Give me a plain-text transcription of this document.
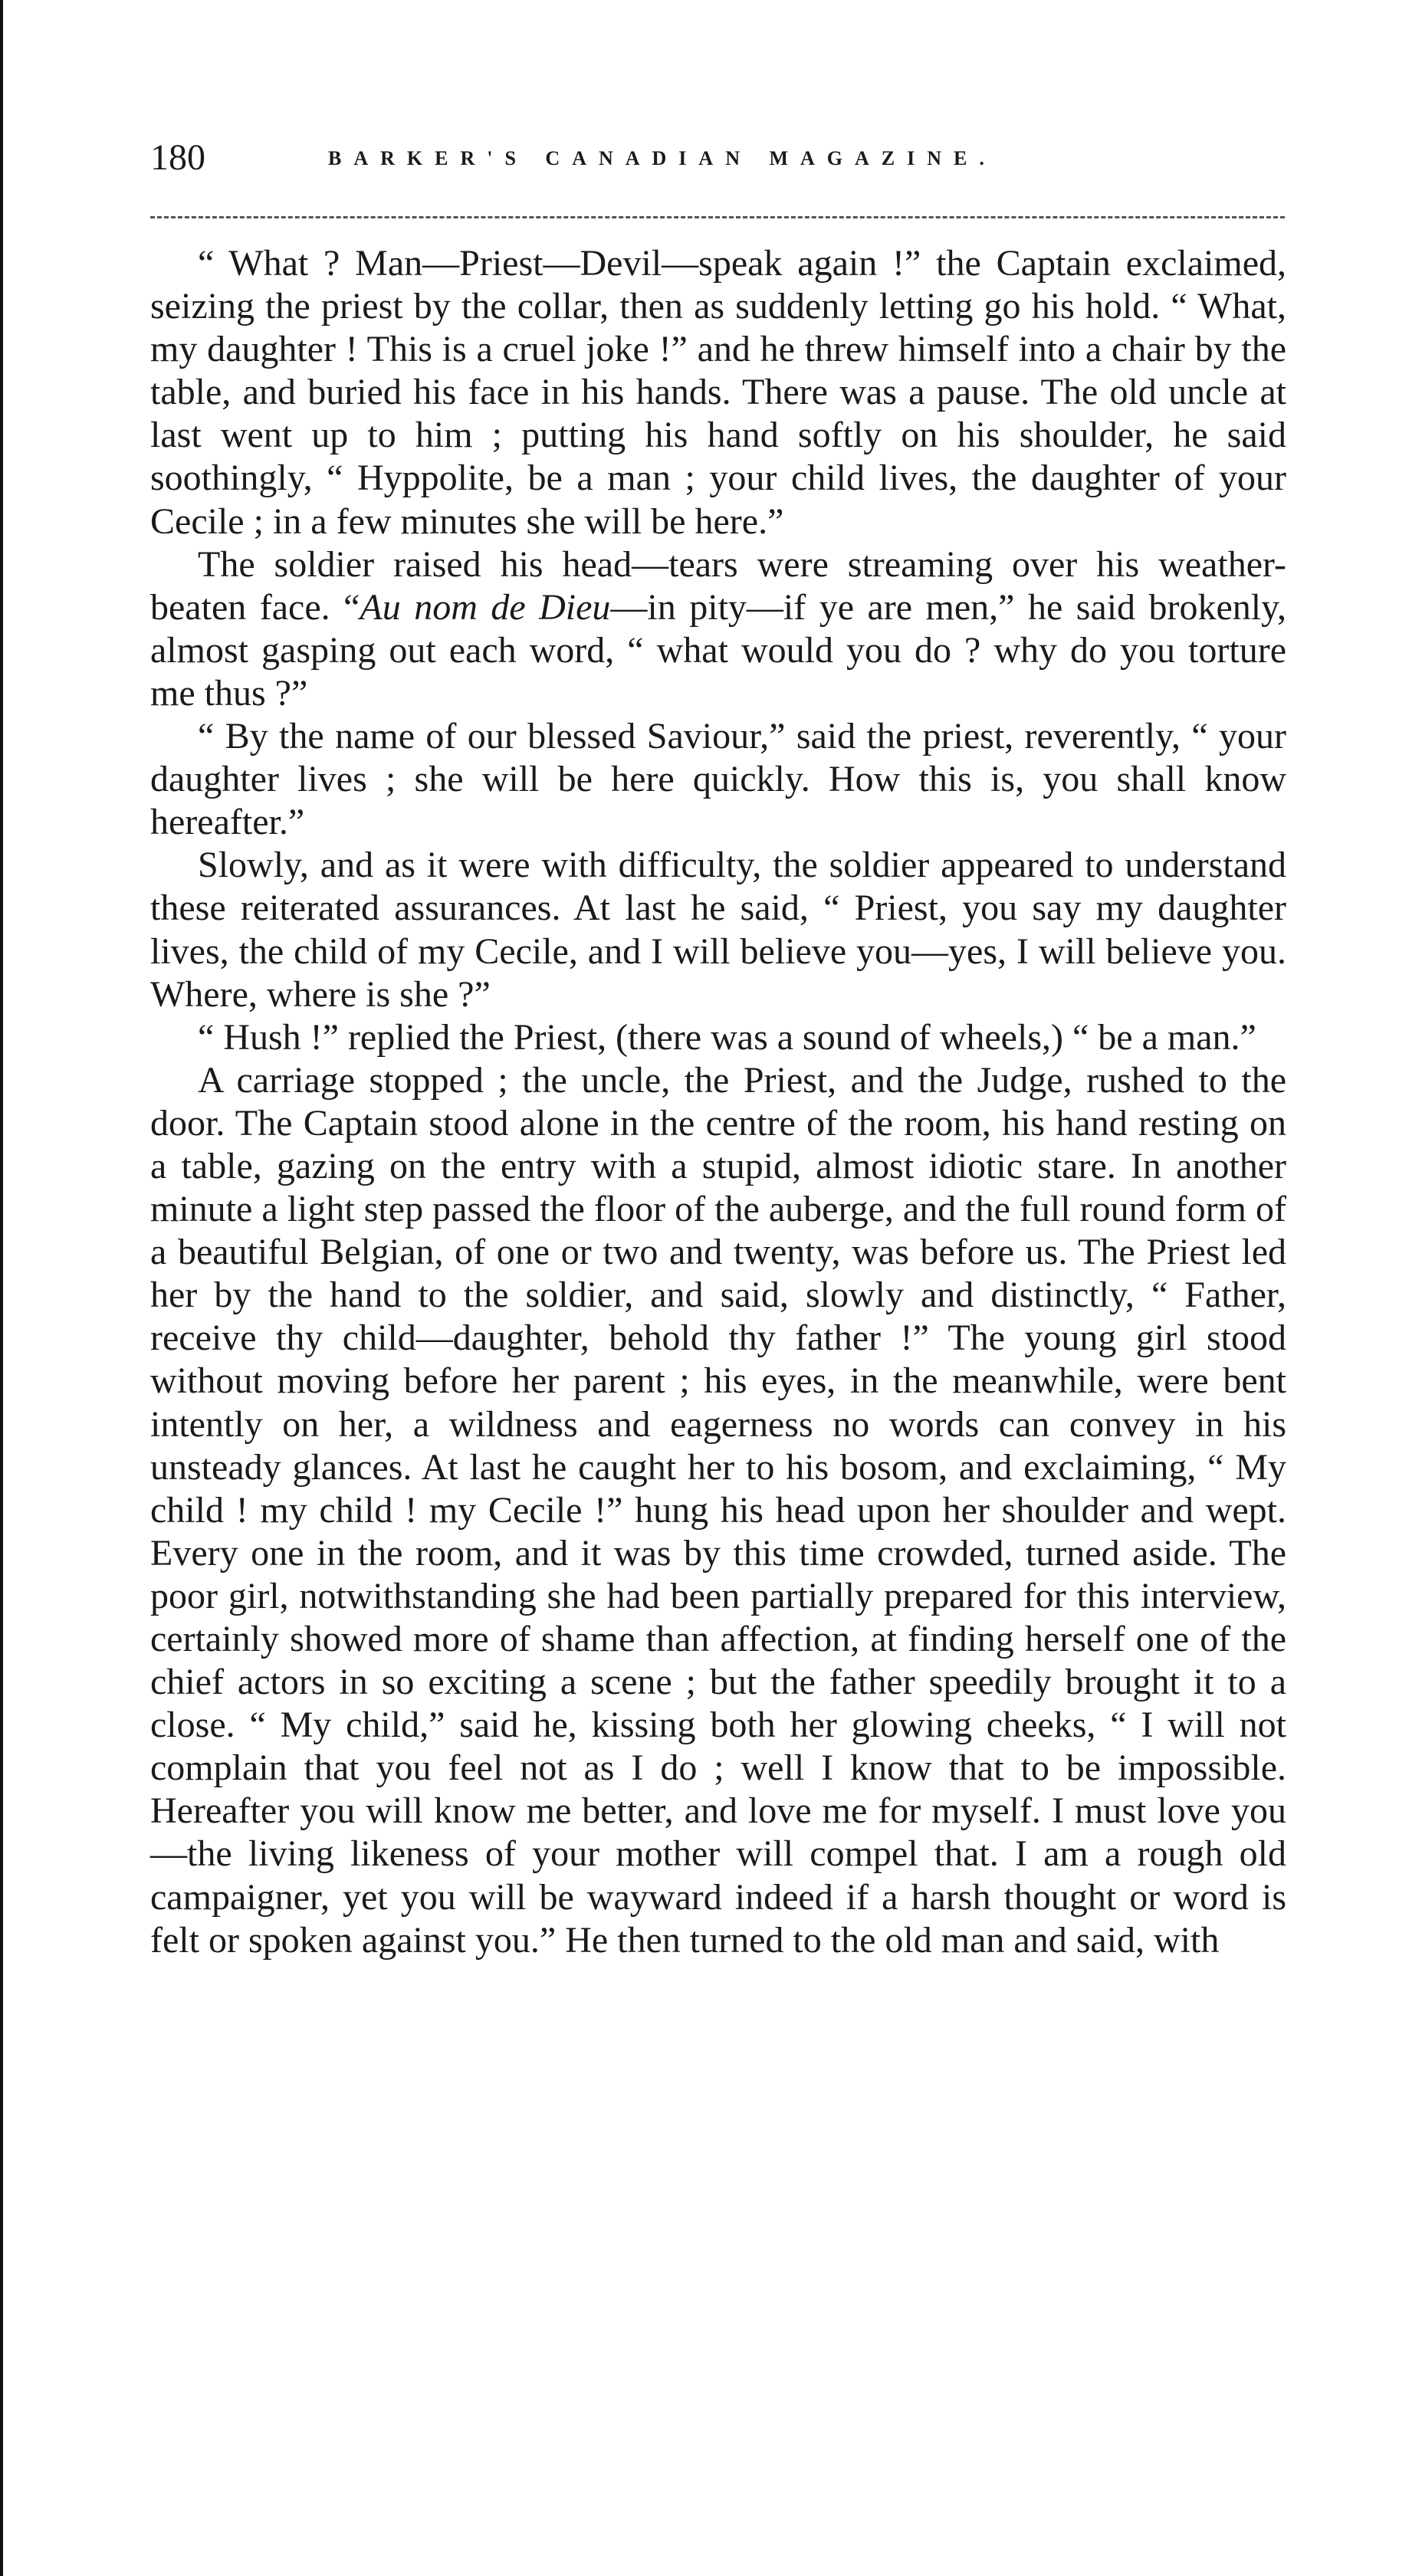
180	BARKER'S CANADIAN MAGAZINE.

“ What ? Man—Priest—Devil—speak again !” the Captain exclaimed, seizing the priest by the collar, then as suddenly letting go his hold. “ What, my daughter ! This is a cruel joke !” and he threw himself into a chair by the table, and buried his face in his hands. There was a pause. The old uncle at last went up to him ; putting his hand softly on his shoulder, he said soothingly, “ Hyppolite, be a man ; your child lives, the daughter of your Cecile ; in a few minutes she will be here.”

The soldier raised his head—tears were streaming over his weather-beaten face. “Au nom de Dieu—in pity—if ye are men,” he said brokenly, almost gasping out each word, “ what would you do ? why do you torture me thus ?”

“ By the name of our blessed Saviour,” said the priest, reverently, “ your daughter lives ; she will be here quickly. How this is, you shall know hereafter.”

Slowly, and as it were with difficulty, the soldier appeared to understand these reiterated assurances. At last he said, “ Priest, you say my daughter lives, the child of my Cecile, and I will believe you—yes, I will believe you. Where, where is she ?”

“ Hush !” replied the Priest, (there was a sound of wheels,) “ be a man.”

A carriage stopped ; the uncle, the Priest, and the Judge, rushed to the door. The Captain stood alone in the centre of the room, his hand resting on a table, gazing on the entry with a stupid, almost idiotic stare. In another minute a light step passed the floor of the auberge, and the full round form of a beautiful Belgian, of one or two and twenty, was before us. The Priest led her by the hand to the soldier, and said, slowly and distinctly, “ Father, receive thy child—daughter, behold thy father !” The young girl stood without moving before her parent ; his eyes, in the meanwhile, were bent intently on her, a wildness and eagerness no words can convey in his unsteady glances. At last he caught her to his bosom, and exclaiming, “ My child ! my child ! my Cecile !” hung his head upon her shoulder and wept. Every one in the room, and it was by this time crowded, turned aside. The poor girl, notwithstanding she had been partially prepared for this interview, certainly showed more of shame than affection, at finding herself one of the chief actors in so exciting a scene ; but the father speedily brought it to a close. “ My child,” said he, kissing both her glowing cheeks, “ I will not complain that you feel not as I do ; well I know that to be impossible. Hereafter you will know me better, and love me for myself. I must love you—the living likeness of your mother will compel that. I am a rough old campaigner, yet you will be wayward indeed if a harsh thought or word is felt or spoken against you.” He then turned to the old man and said, with
